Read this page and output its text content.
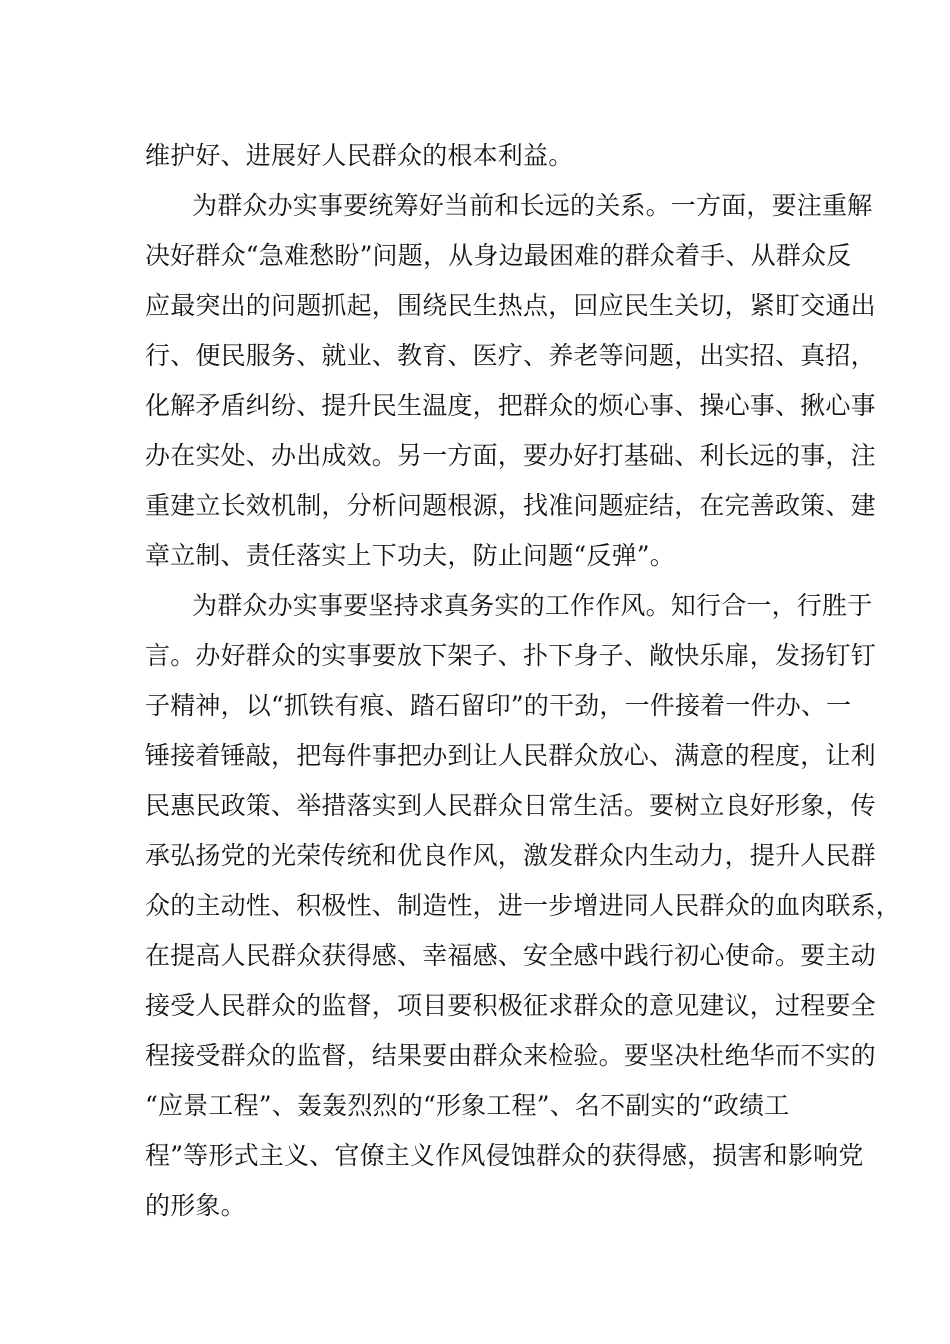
维护好、进展好人民群众的根本利益。
为群众办实事要统筹好当前和长远的关系。一方面，要注重解
决好群众“急难愁盼”问题，从身边最困难的群众着手、从群众反
应最突出的问题抓起，围绕民生热点，回应民生关切，紧盯交通出
行、便民服务、就业、教育、医疗、养老等问题，出实招、真招，
化解矛盾纠纷、提升民生温度，把群众的烦心事、操心事、揪心事
办在实处、办出成效。另一方面，要办好打基础、利长远的事，注
重建立长效机制，分析问题根源，找准问题症结，在完善政策、建
章立制、责任落实上下功夫，防止问题“反弹”。
为群众办实事要坚持求真务实的工作作风。知行合一，行胜于
言。办好群众的实事要放下架子、扑下身子、敞快乐扉，发扬钉钉
子精神，以“抓铁有痕、踏石留印”的干劲，一件接着一件办、一
锤接着锤敲，把每件事把办到让人民群众放心、满意的程度，让利
民惠民政策、举措落实到人民群众日常生活。要树立良好形象，传
承弘扬党的光荣传统和优良作风，激发群众内生动力，提升人民群
众的主动性、积极性、制造性，进一步增进同人民群众的血肉联系，
在提高人民群众获得感、幸福感、安全感中践行初心使命。要主动
接受人民群众的监督，项目要积极征求群众的意见建议，过程要全
程接受群众的监督，结果要由群众来检验。要坚决杜绝华而不实的
“应景工程”、轰轰烈烈的“形象工程”、名不副实的“政绩工
程”等形式主义、官僚主义作风侵蚀群众的获得感，损害和影响党
的形象。
